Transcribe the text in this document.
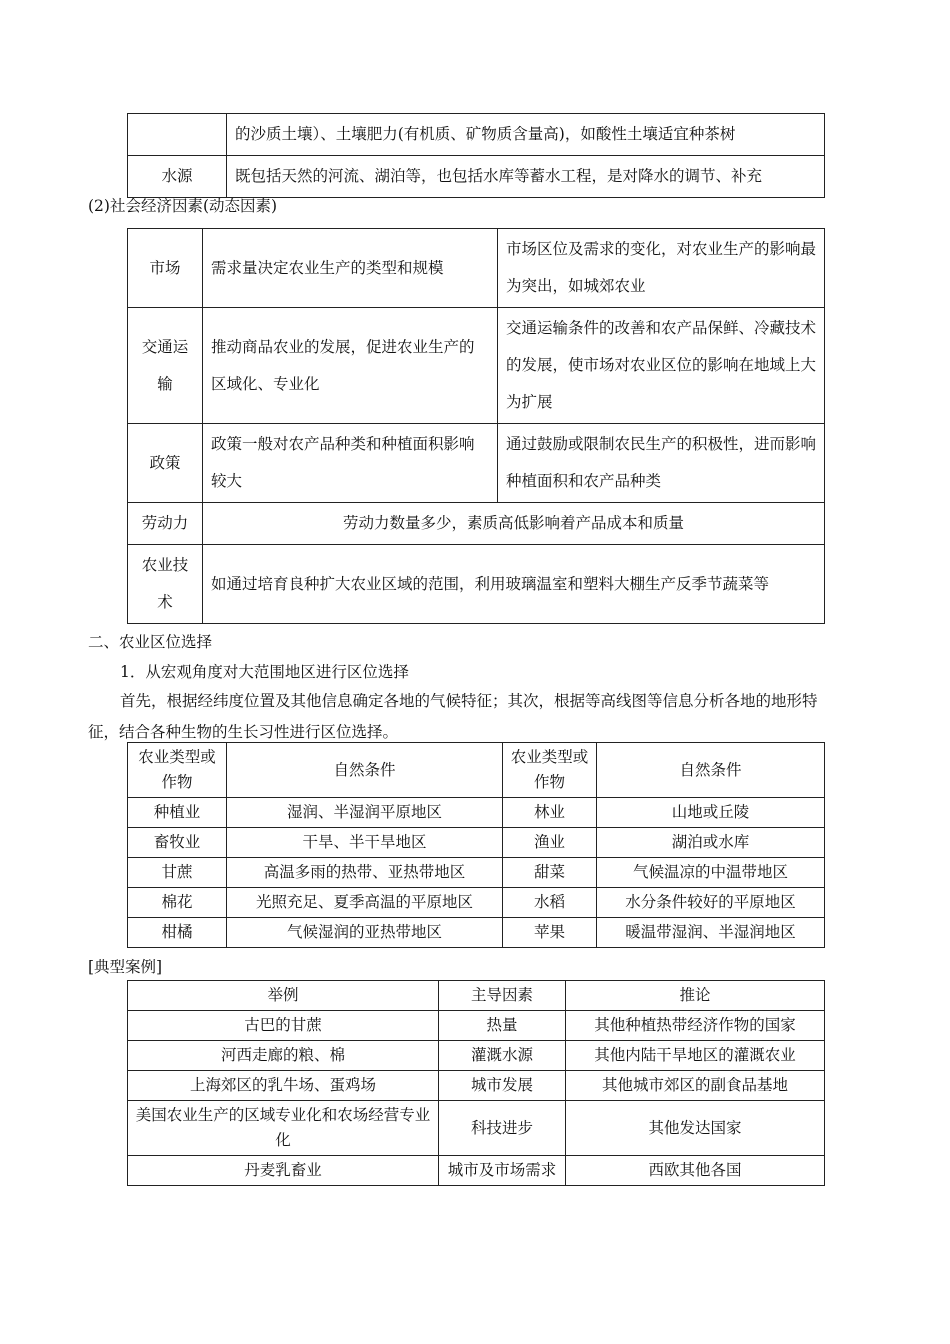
	的沙质土壤）、土壤肥力(有机质、矿物质含量高)，如酸性土壤适宜种茶树
水源	既包括天然的河流、湖泊等，也包括水库等蓄水工程，是对降水的调节、补充
(2)社会经济因素(动态因素)
市场	需求量决定农业生产的类型和规模	市场区位及需求的变化，对农业生产的影响最为突出，如城郊农业
交通运输	推动商品农业的发展，促进农业生产的区域化、专业化	交通运输条件的改善和农产品保鲜、冷藏技术的发展，使市场对农业区位的影响在地域上大为扩展
政策	政策一般对农产品种类和种植面积影响较大	通过鼓励或限制农民生产的积极性，进而影响种植面积和农产品种类
劳动力	劳动力数量多少，素质高低影响着产品成本和质量	
农业技术	如通过培育良种扩大农业区域的范围，利用玻璃温室和塑料大棚生产反季节蔬菜等	
二、农业区位选择
1．从宏观角度对大范围地区进行区位选择
首先，根据经纬度位置及其他信息确定各地的气候特征；其次，根据等高线图等信息分析各地的地形特征，结合各种生物的生长习性进行区位选择。
农业类型或作物	自然条件	农业类型或作物	自然条件
种植业	湿润、半湿润平原地区	林业	山地或丘陵
畜牧业	干旱、半干旱地区	渔业	湖泊或水库
甘蔗	高温多雨的热带、亚热带地区	甜菜	气候温凉的中温带地区
棉花	光照充足、夏季高温的平原地区	水稻	水分条件较好的平原地区
柑橘	气候湿润的亚热带地区	苹果	暖温带湿润、半湿润地区
[典型案例]
举例	主导因素	推论
古巴的甘蔗	热量	其他种植热带经济作物的国家
河西走廊的粮、棉	灌溉水源	其他内陆干旱地区的灌溉农业
上海郊区的乳牛场、蛋鸡场	城市发展	其他城市郊区的副食品基地
美国农业生产的区域专业化和农场经营专业化	科技进步	其他发达国家
丹麦乳畜业	城市及市场需求	西欧其他各国
